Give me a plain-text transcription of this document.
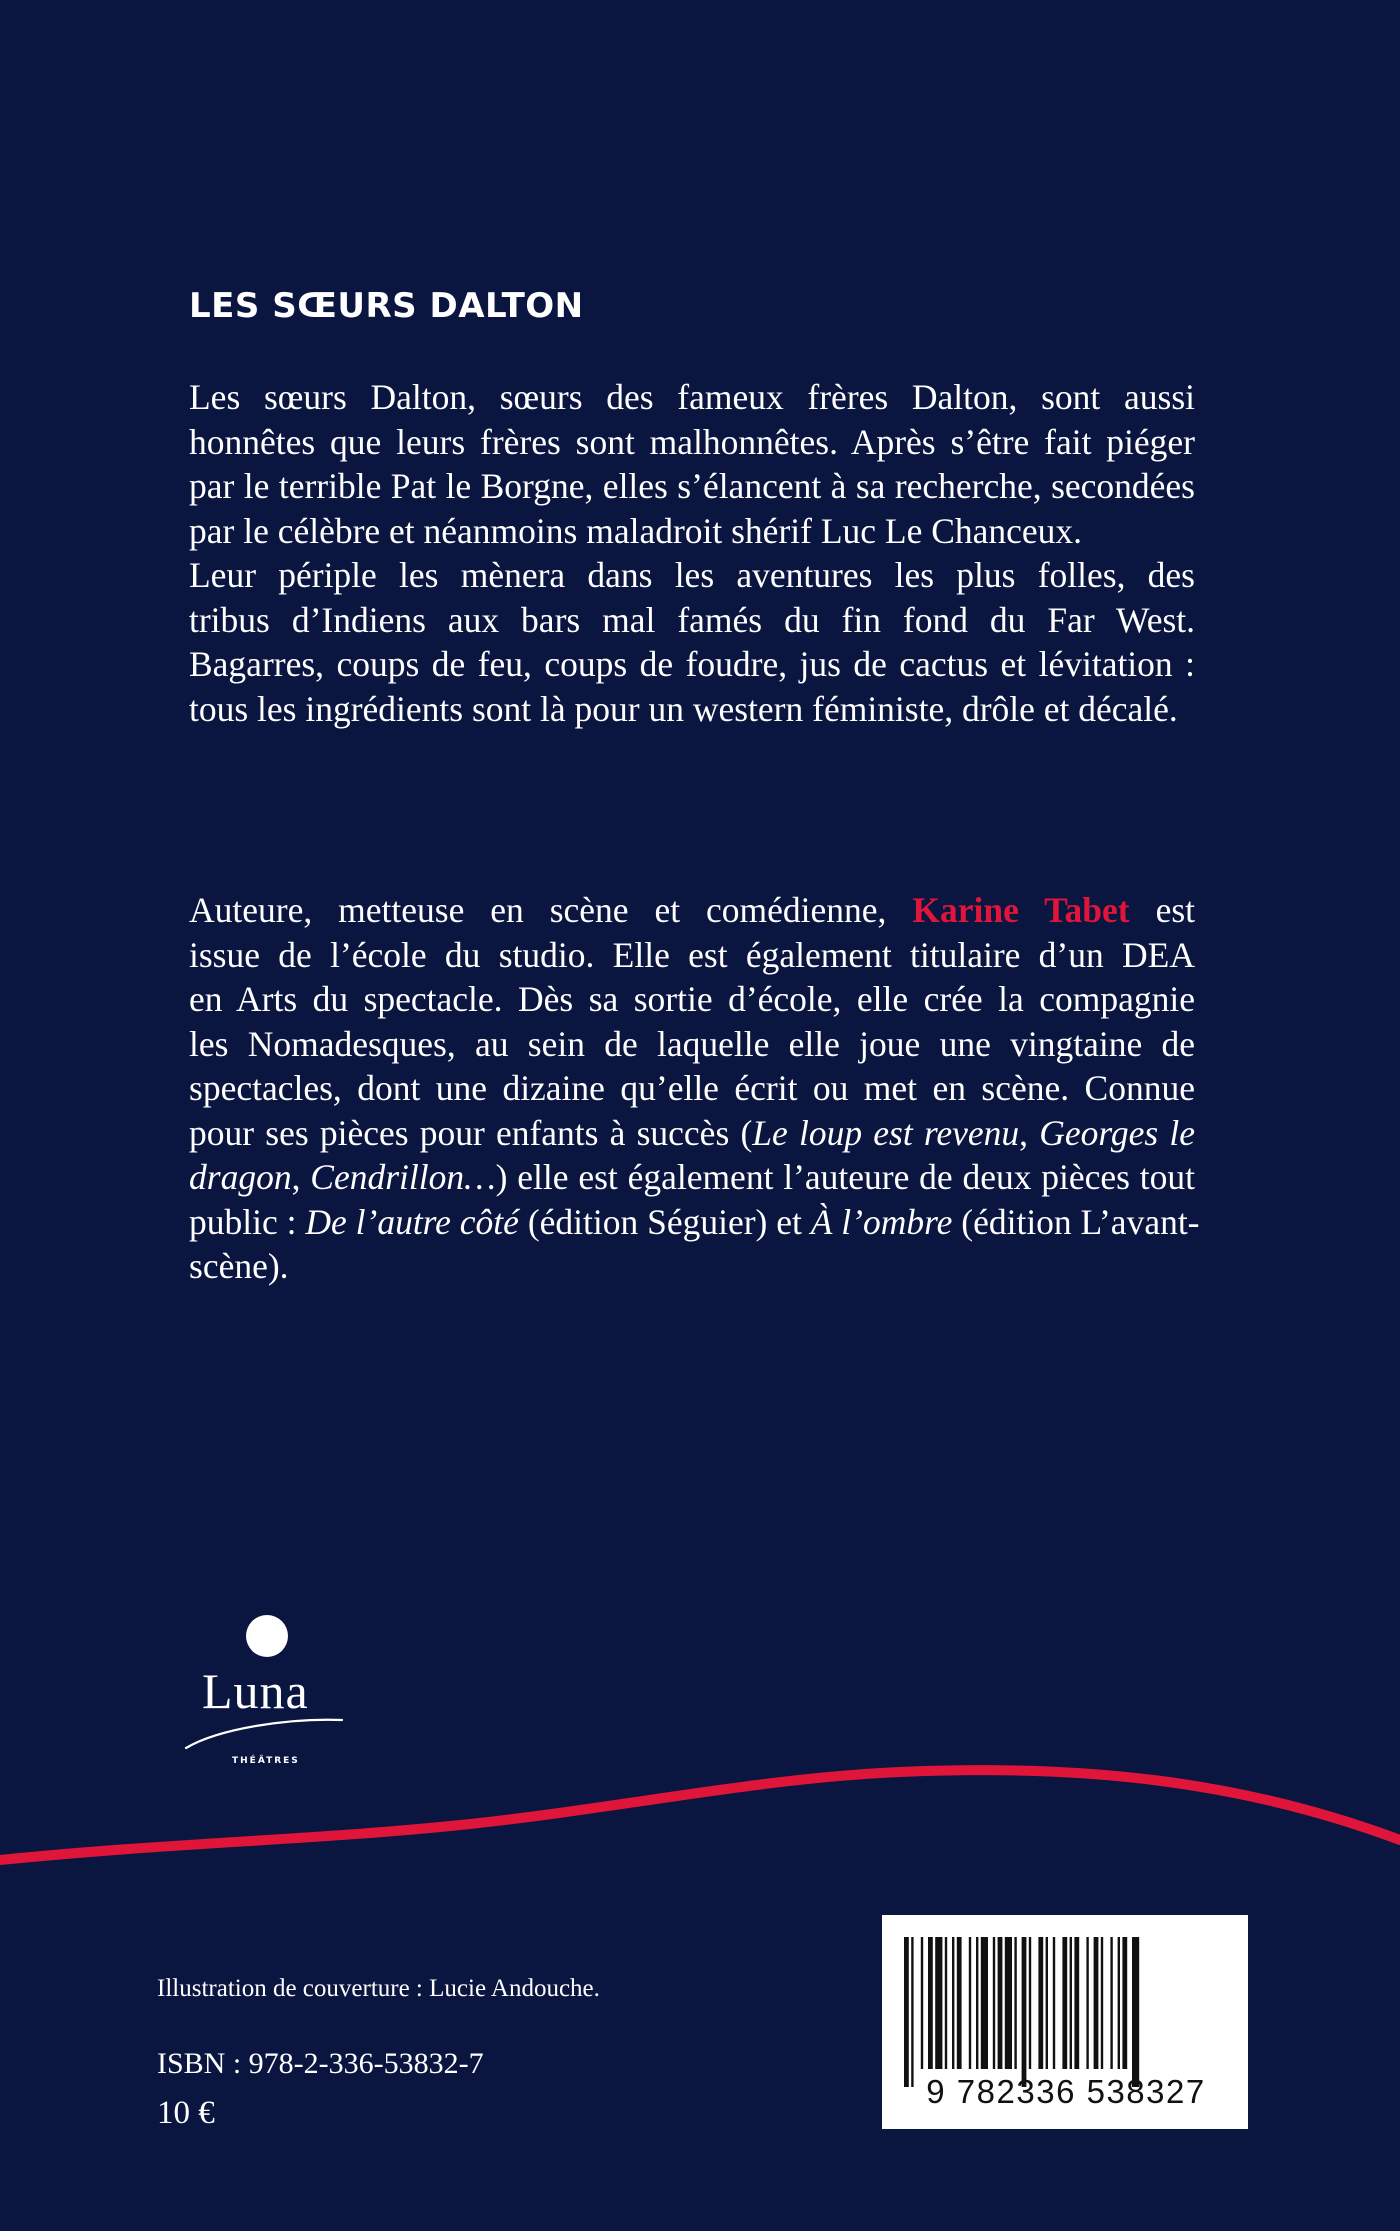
LES SŒURS DALTON
Les sœurs Dalton, sœurs des fameux frères Dalton, sont aussi
honnêtes que leurs frères sont malhonnêtes. Après s’être fait piéger
par le terrible Pat le Borgne, elles s’élancent à sa recherche, secondées
par le célèbre et néanmoins maladroit shérif Luc Le Chanceux.
Leur périple les mènera dans les aventures les plus folles, des
tribus d’Indiens aux bars mal famés du fin fond du Far West.
Bagarres, coups de feu, coups de foudre, jus de cactus et lévitation :
tous les ingrédients sont là pour un western féministe, drôle et décalé.
Auteure, metteuse en scène et comédienne, Karine Tabet est
issue de l’école du studio. Elle est également titulaire d’un DEA
en Arts du spectacle. Dès sa sortie d’école, elle crée la compagnie
les Nomadesques, au sein de laquelle elle joue une vingtaine de
spectacles, dont une dizaine qu’elle écrit ou met en scène. Connue
pour ses pièces pour enfants à succès (Le loup est revenu, Georges le
dragon, Cendrillon…) elle est également l’auteure de deux pièces tout
public : De l’autre côté (édition Séguier) et À l’ombre (édition L’avant-
scène).
Luna
THÉÂTRES
Illustration de couverture : Lucie Andouche.
ISBN : 978-2-336-53832-7
10 €
9 782336 538327
